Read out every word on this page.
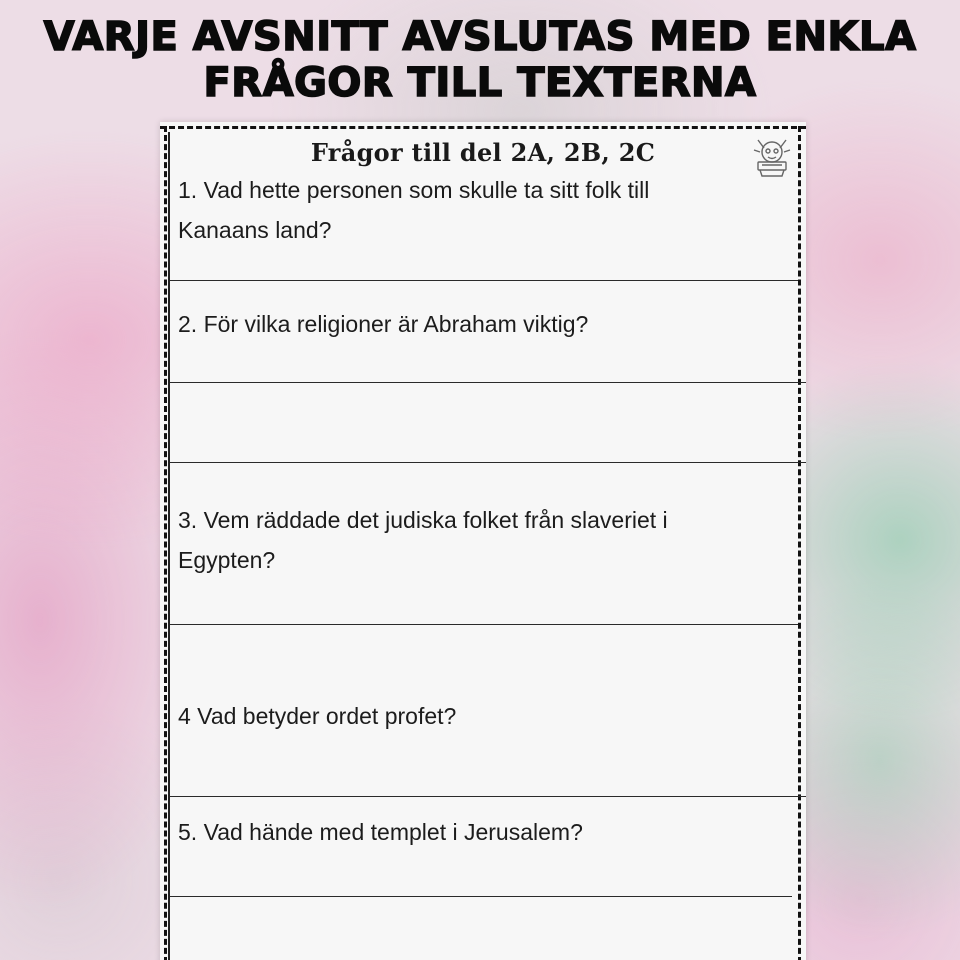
VARJE AVSNITT AVSLUTAS MED ENKLA
FRÅGOR TILL TEXTERNA
Frågor till del 2A, 2B, 2C
1. Vad hette personen som skulle ta sitt folk till
Kanaans land?
2. För vilka religioner är Abraham viktig?
3. Vem räddade det judiska folket från slaveriet i
Egypten?
4 Vad betyder ordet profet?
5. Vad hände med templet i Jerusalem?
